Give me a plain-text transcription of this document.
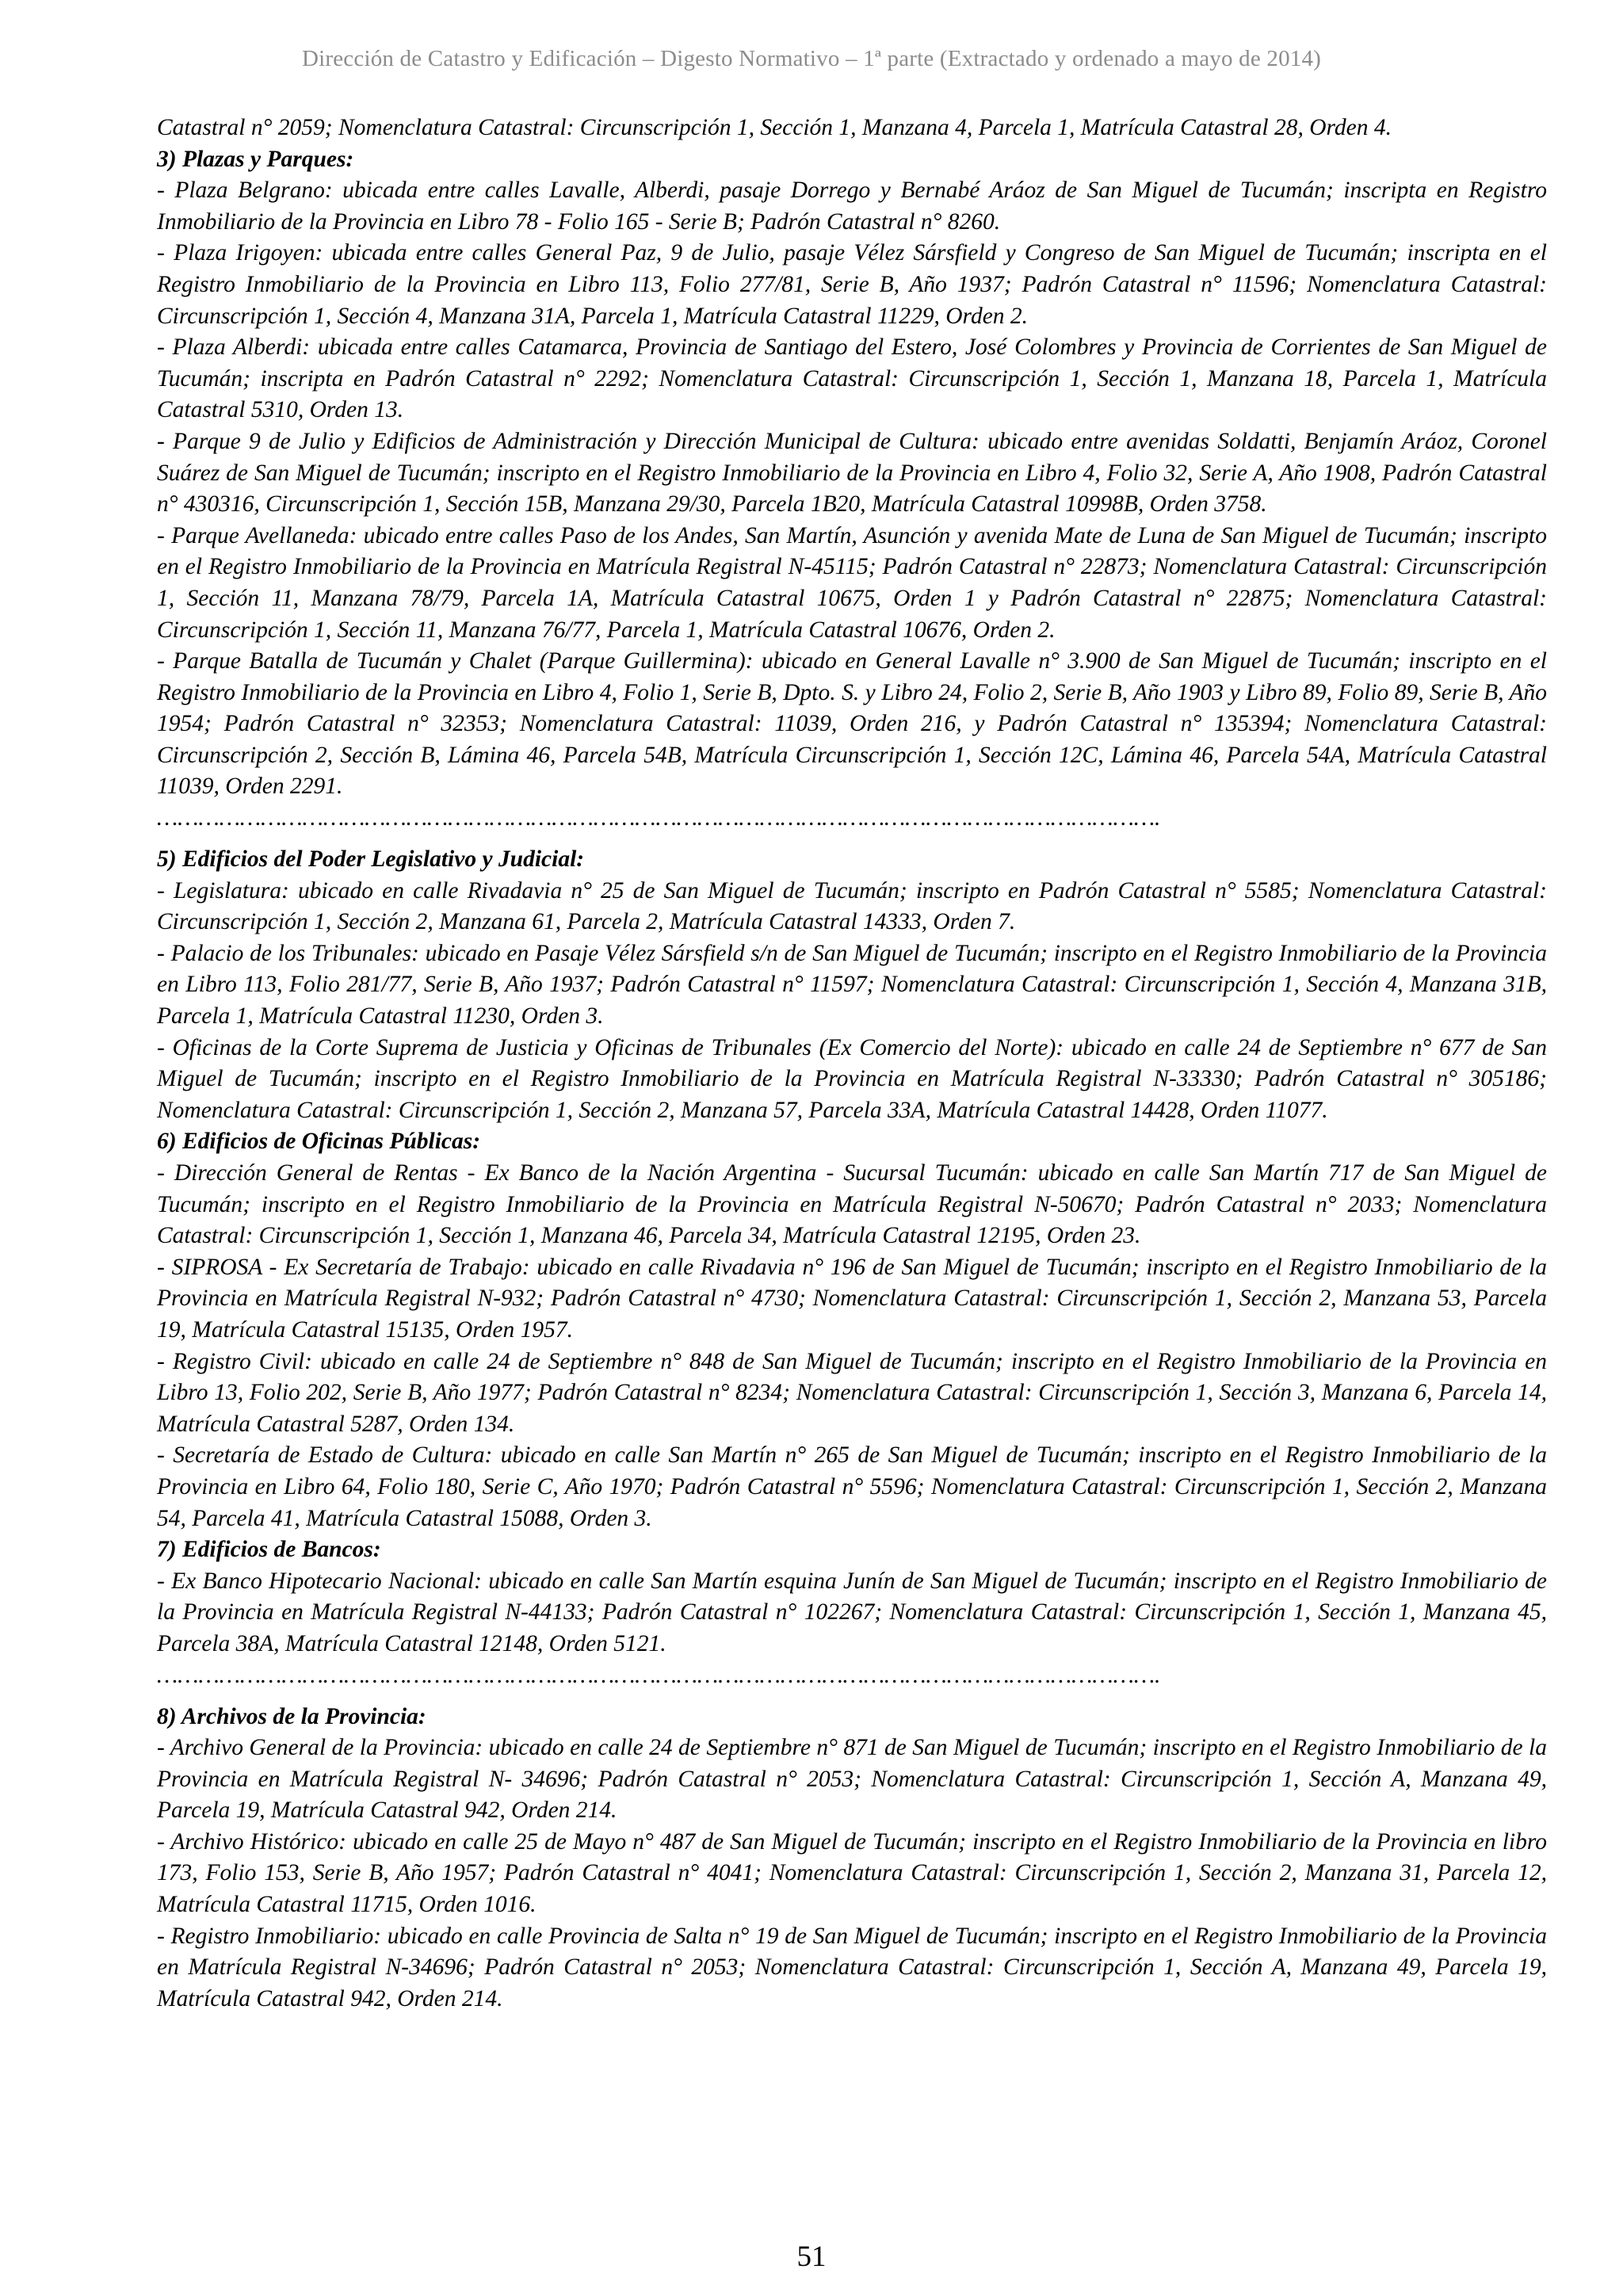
Dirección de Catastro y Edificación – Digesto Normativo – 1ª parte (Extractado y ordenado a mayo de 2014)

Catastral n° 2059; Nomenclatura Catastral: Circunscripción 1, Sección 1, Manzana 4, Parcela 1, Matrícula Catastral 28, Orden 4.

3) Plazas y Parques:

- Plaza Belgrano: ubicada entre calles Lavalle, Alberdi, pasaje Dorrego y Bernabé Aráoz de San Miguel de Tucumán; inscripta en Registro Inmobiliario de la Provincia en Libro 78 - Folio 165 - Serie B; Padrón Catastral n° 8260.

- Plaza Irigoyen: ubicada entre calles General Paz, 9 de Julio, pasaje Vélez Sársfield y Congreso de San Miguel de Tucumán; inscripta en el Registro Inmobiliario de la Provincia en Libro 113, Folio 277/81, Serie B, Año 1937; Padrón Catastral n° 11596; Nomenclatura Catastral: Circunscripción 1, Sección 4, Manzana 31A, Parcela 1, Matrícula Catastral 11229, Orden 2.

- Plaza Alberdi: ubicada entre calles Catamarca, Provincia de Santiago del Estero, José Colombres y Provincia de Corrientes de San Miguel de Tucumán; inscripta en Padrón Catastral n° 2292; Nomenclatura Catastral: Circunscripción 1, Sección 1, Manzana 18, Parcela 1, Matrícula Catastral 5310, Orden 13.

- Parque 9 de Julio y Edificios de Administración y Dirección Municipal de Cultura: ubicado entre avenidas Soldatti, Benjamín Aráoz, Coronel Suárez de San Miguel de Tucumán; inscripto en el Registro Inmobiliario de la Provincia en Libro 4, Folio 32, Serie A, Año 1908, Padrón Catastral n° 430316, Circunscripción 1, Sección 15B, Manzana 29/30, Parcela 1B20, Matrícula Catastral 10998B, Orden 3758.

- Parque Avellaneda: ubicado entre calles Paso de los Andes, San Martín, Asunción y avenida Mate de Luna de San Miguel de Tucumán; inscripto en el Registro Inmobiliario de la Provincia en Matrícula Registral N-45115; Padrón Catastral n° 22873; Nomenclatura Catastral: Circunscripción 1, Sección 11, Manzana 78/79, Parcela 1A, Matrícula Catastral 10675, Orden 1 y Padrón Catastral n° 22875; Nomenclatura Catastral: Circunscripción 1, Sección 11, Manzana 76/77, Parcela 1, Matrícula Catastral 10676, Orden 2.

- Parque Batalla de Tucumán y Chalet (Parque Guillermina): ubicado en General Lavalle n° 3.900 de San Miguel de Tucumán; inscripto en el Registro Inmobiliario de la Provincia en Libro 4, Folio 1, Serie B, Dpto. S. y Libro 24, Folio 2, Serie B, Año 1903 y Libro 89, Folio 89, Serie B, Año 1954; Padrón Catastral n° 32353; Nomenclatura Catastral: 11039, Orden 216, y Padrón Catastral n° 135394; Nomenclatura Catastral: Circunscripción 2, Sección B, Lámina 46, Parcela 54B, Matrícula Circunscripción 1, Sección 12C, Lámina 46, Parcela 54A, Matrícula Catastral 11039, Orden 2291.

……………………………………………………………………………………………………………………………….

5) Edificios del Poder Legislativo y Judicial:

- Legislatura: ubicado en calle Rivadavia n° 25 de San Miguel de Tucumán; inscripto en Padrón Catastral n° 5585; Nomenclatura Catastral: Circunscripción 1, Sección 2, Manzana 61, Parcela 2, Matrícula Catastral 14333, Orden 7.

- Palacio de los Tribunales: ubicado en Pasaje Vélez Sársfield s/n de San Miguel de Tucumán; inscripto en el Registro Inmobiliario de la Provincia en Libro 113, Folio 281/77, Serie B, Año 1937; Padrón Catastral n° 11597; Nomenclatura Catastral: Circunscripción 1, Sección 4, Manzana 31B, Parcela 1, Matrícula Catastral 11230, Orden 3.

- Oficinas de la Corte Suprema de Justicia y Oficinas de Tribunales (Ex Comercio del Norte): ubicado en calle 24 de Septiembre n° 677 de San Miguel de Tucumán; inscripto en el Registro Inmobiliario de la Provincia en Matrícula Registral N-33330; Padrón Catastral n° 305186; Nomenclatura Catastral: Circunscripción 1, Sección 2, Manzana 57, Parcela 33A, Matrícula Catastral 14428, Orden 11077.

6) Edificios de Oficinas Públicas:

- Dirección General de Rentas - Ex Banco de la Nación Argentina - Sucursal Tucumán: ubicado en calle San Martín 717 de San Miguel de Tucumán; inscripto en el Registro Inmobiliario de la Provincia en Matrícula Registral N-50670; Padrón Catastral n° 2033; Nomenclatura Catastral: Circunscripción 1, Sección 1, Manzana 46, Parcela 34, Matrícula Catastral 12195, Orden 23.

- SIPROSA - Ex Secretaría de Trabajo: ubicado en calle Rivadavia n° 196 de San Miguel de Tucumán; inscripto en el Registro Inmobiliario de la Provincia en Matrícula Registral N-932; Padrón Catastral n° 4730; Nomenclatura Catastral: Circunscripción 1, Sección 2, Manzana 53, Parcela 19, Matrícula Catastral 15135, Orden 1957.

- Registro Civil: ubicado en calle 24 de Septiembre n° 848 de San Miguel de Tucumán; inscripto en el Registro Inmobiliario de la Provincia en Libro 13, Folio 202, Serie B, Año 1977; Padrón Catastral n° 8234; Nomenclatura Catastral: Circunscripción 1, Sección 3, Manzana 6, Parcela 14, Matrícula Catastral 5287, Orden 134.

- Secretaría de Estado de Cultura: ubicado en calle San Martín n° 265 de San Miguel de Tucumán; inscripto en el Registro Inmobiliario de la Provincia en Libro 64, Folio 180, Serie C, Año 1970; Padrón Catastral n° 5596; Nomenclatura Catastral: Circunscripción 1, Sección 2, Manzana 54, Parcela 41, Matrícula Catastral 15088, Orden 3.

7) Edificios de Bancos:

- Ex Banco Hipotecario Nacional: ubicado en calle San Martín esquina Junín de San Miguel de Tucumán; inscripto en el Registro Inmobiliario de la Provincia en Matrícula Registral N-44133; Padrón Catastral n° 102267; Nomenclatura Catastral: Circunscripción 1, Sección 1, Manzana 45, Parcela 38A, Matrícula Catastral 12148, Orden 5121.

……………………………………………………………………………………………………………………………….

8) Archivos de la Provincia:

- Archivo General de la Provincia: ubicado en calle 24 de Septiembre n° 871 de San Miguel de Tucumán; inscripto en el Registro Inmobiliario de la Provincia en Matrícula Registral N- 34696; Padrón Catastral n° 2053; Nomenclatura Catastral: Circunscripción 1, Sección A, Manzana 49, Parcela 19, Matrícula Catastral 942, Orden 214.

- Archivo Histórico: ubicado en calle 25 de Mayo n° 487 de San Miguel de Tucumán; inscripto en el Registro Inmobiliario de la Provincia en libro 173, Folio 153, Serie B, Año 1957; Padrón Catastral n° 4041; Nomenclatura Catastral: Circunscripción 1, Sección 2, Manzana 31, Parcela 12, Matrícula Catastral 11715, Orden 1016.

- Registro Inmobiliario: ubicado en calle Provincia de Salta n° 19 de San Miguel de Tucumán; inscripto en el Registro Inmobiliario de la Provincia en Matrícula Registral N-34696; Padrón Catastral n° 2053; Nomenclatura Catastral: Circunscripción 1, Sección A, Manzana 49, Parcela 19, Matrícula Catastral 942, Orden 214.

51
